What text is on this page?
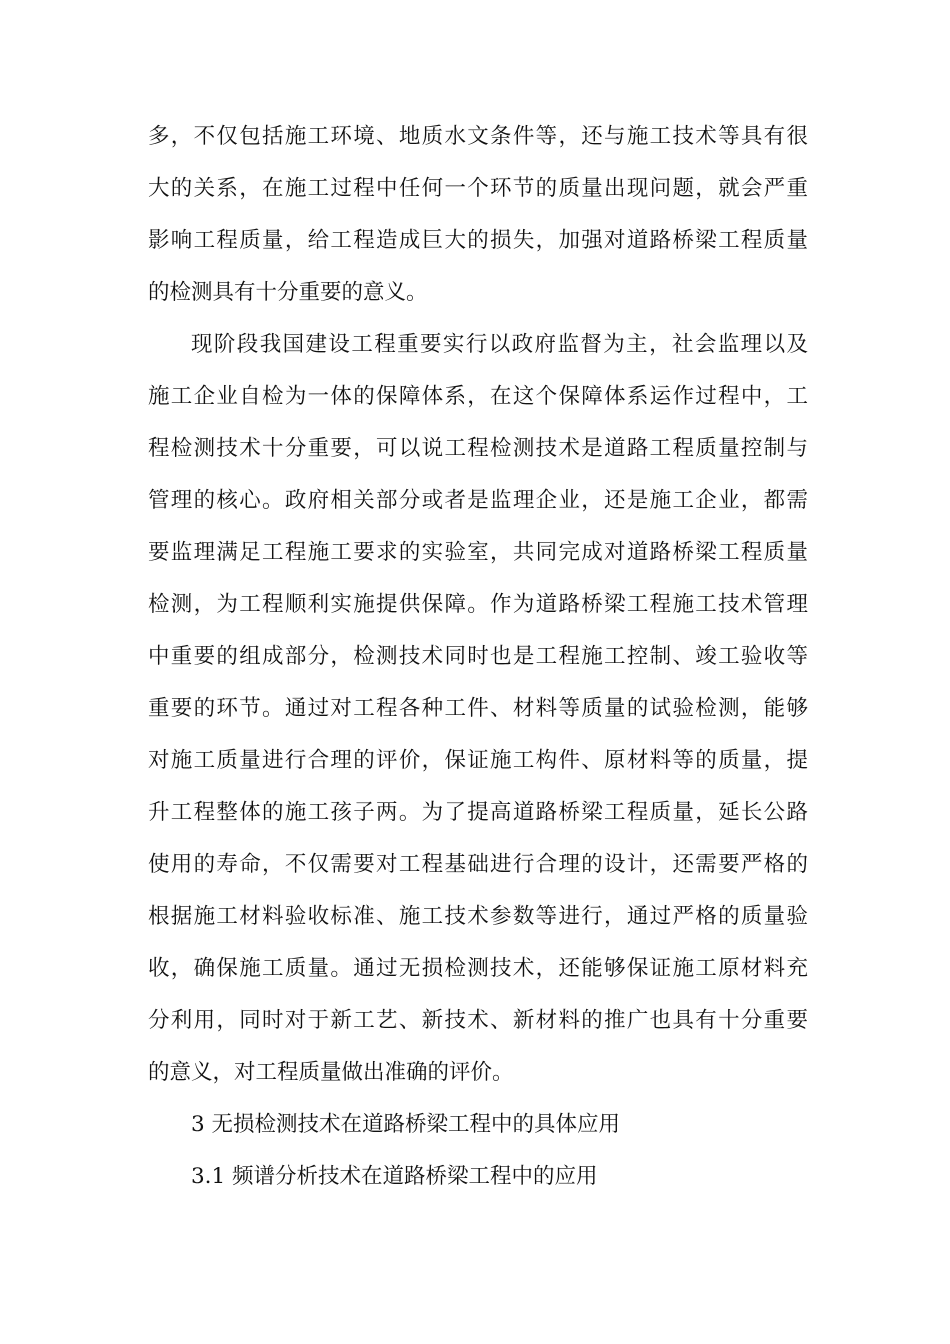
多，不仅包括施工环境、地质水文条件等，还与施工技术等具有很
大的关系，在施工过程中任何一个环节的质量出现问题，就会严重
影响工程质量，给工程造成巨大的损失，加强对道路桥梁工程质量
的检测具有十分重要的意义。
现阶段我国建设工程重要实行以政府监督为主，社会监理以及
施工企业自检为一体的保障体系，在这个保障体系运作过程中，工
程检测技术十分重要，可以说工程检测技术是道路工程质量控制与
管理的核心。政府相关部分或者是监理企业，还是施工企业，都需
要监理满足工程施工要求的实验室，共同完成对道路桥梁工程质量
检测，为工程顺利实施提供保障。作为道路桥梁工程施工技术管理
中重要的组成部分，检测技术同时也是工程施工控制、竣工验收等
重要的环节。通过对工程各种工件、材料等质量的试验检测，能够
对施工质量进行合理的评价，保证施工构件、原材料等的质量，提
升工程整体的施工孩子两。为了提高道路桥梁工程质量，延长公路
使用的寿命，不仅需要对工程基础进行合理的设计，还需要严格的
根据施工材料验收标准、施工技术参数等进行，通过严格的质量验
收，确保施工质量。通过无损检测技术，还能够保证施工原材料充
分利用，同时对于新工艺、新技术、新材料的推广也具有十分重要
的意义，对工程质量做出准确的评价。
3 无损检测技术在道路桥梁工程中的具体应用
3.1 频谱分析技术在道路桥梁工程中的应用
